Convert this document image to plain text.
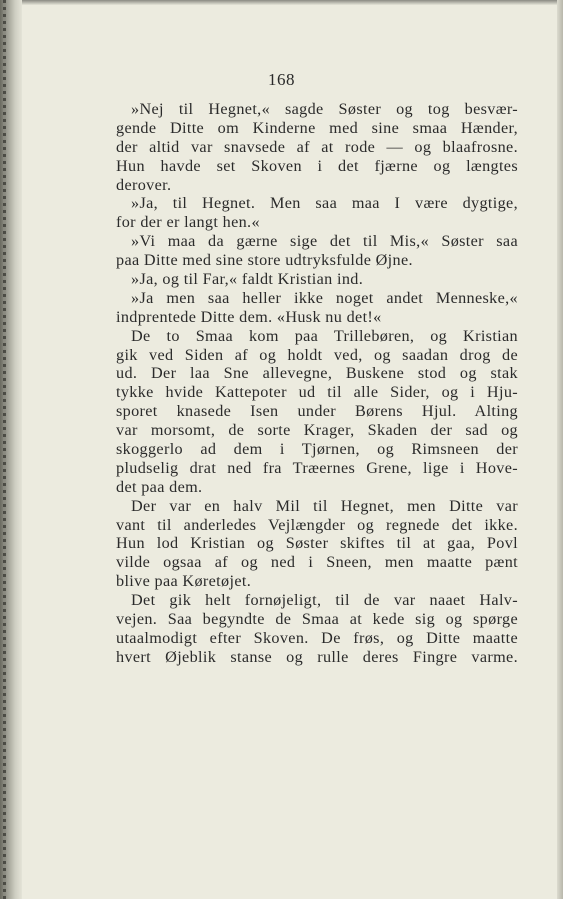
168
»Nej til Hegnet,« sagde Søster og tog besvær-
gende Ditte om Kinderne med sine smaa Hænder,
der altid var snavsede af at rode — og blaafrosne.
Hun havde set Skoven i det fjærne og længtes
derover.
»Ja, til Hegnet. Men saa maa I være dygtige,
for der er langt hen.«
»Vi maa da gærne sige det til Mis,« Søster saa
paa Ditte med sine store udtryksfulde Øjne.
»Ja, og til Far,« faldt Kristian ind.
»Ja men saa heller ikke noget andet Menneske,«
indprentede Ditte dem. «Husk nu det!«
De to Smaa kom paa Trillebøren, og Kristian
gik ved Siden af og holdt ved, og saadan drog de
ud. Der laa Sne allevegne, Buskene stod og stak
tykke hvide Kattepoter ud til alle Sider, og i Hju-
sporet knasede Isen under Børens Hjul. Alting
var morsomt, de sorte Krager, Skaden der sad og
skoggerlo ad dem i Tjørnen, og Rimsneen der
pludselig drat ned fra Træernes Grene, lige i Hove-
det paa dem.
Der var en halv Mil til Hegnet, men Ditte var
vant til anderledes Vejlængder og regnede det ikke.
Hun lod Kristian og Søster skiftes til at gaa, Povl
vilde ogsaa af og ned i Sneen, men maatte pænt
blive paa Køretøjet.
Det gik helt fornøjeligt, til de var naaet Halv-
vejen. Saa begyndte de Smaa at kede sig og spørge
utaalmodigt efter Skoven. De frøs, og Ditte maatte
hvert Øjeblik stanse og rulle deres Fingre varme.
